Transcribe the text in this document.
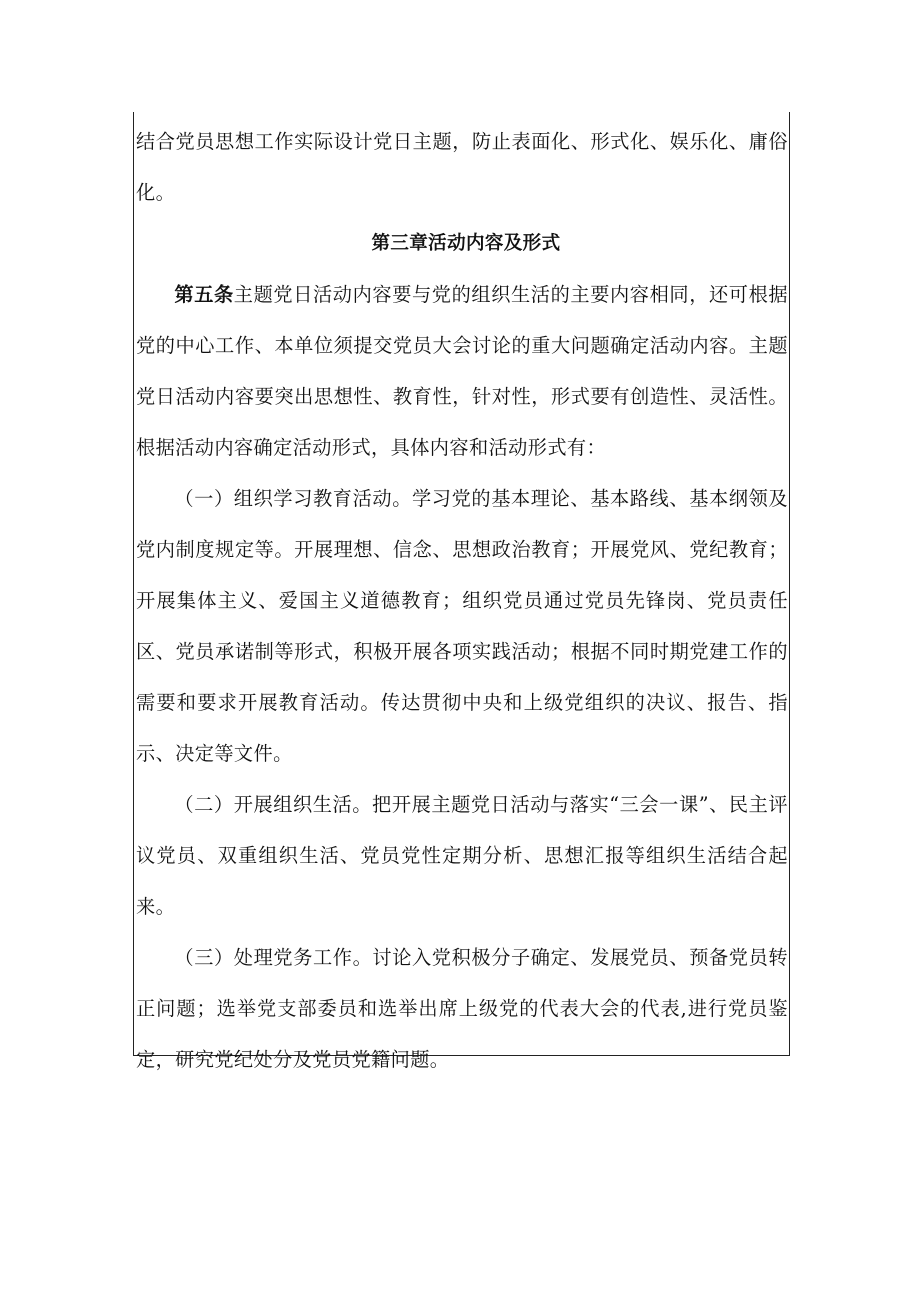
结合党员思想工作实际设计党日主题，防止表面化、形式化、娱乐化、庸俗化。

第三章活动内容及形式

第五条主题党日活动内容要与党的组织生活的主要内容相同，还可根据党的中心工作、本单位须提交党员大会讨论的重大问题确定活动内容。主题党日活动内容要突出思想性、教育性，针对性，形式要有创造性、灵活性。根据活动内容确定活动形式，具体内容和活动形式有：

（一）组织学习教育活动。学习党的基本理论、基本路线、基本纲领及党内制度规定等。开展理想、信念、思想政治教育；开展党风、党纪教育；开展集体主义、爱国主义道德教育；组织党员通过党员先锋岗、党员责任区、党员承诺制等形式，积极开展各项实践活动；根据不同时期党建工作的需要和要求开展教育活动。传达贯彻中央和上级党组织的决议、报告、指示、决定等文件。

（二）开展组织生活。把开展主题党日活动与落实“三会一课”、民主评议党员、双重组织生活、党员党性定期分析、思想汇报等组织生活结合起来。

（三）处理党务工作。讨论入党积极分子确定、发展党员、预备党员转正问题；选举党支部委员和选举出席上级党的代表大会的代表,进行党员鉴定，研究党纪处分及党员党籍问题。
